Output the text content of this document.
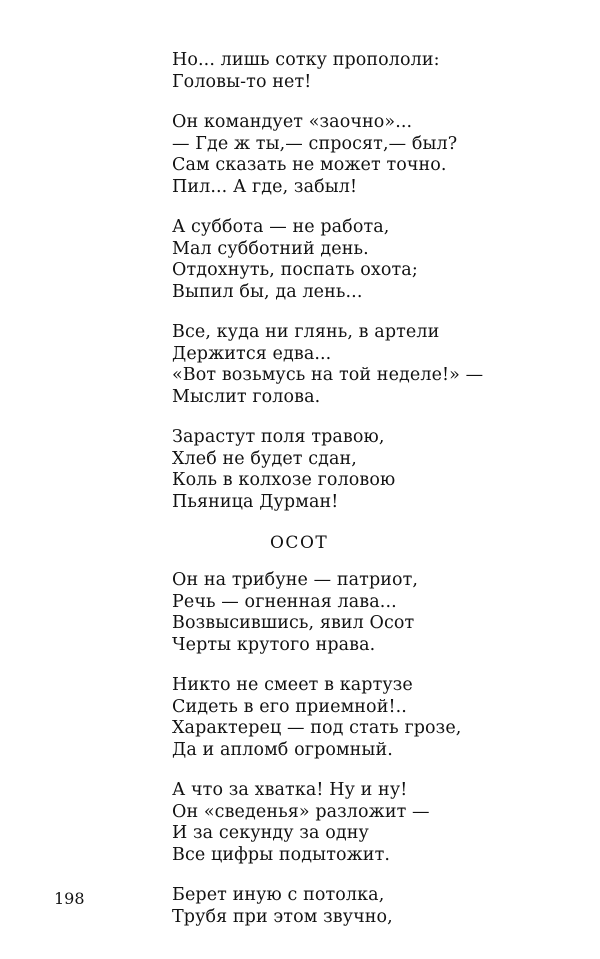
Но... лишь сотку пропололи:
Головы-то нет!
Он командует «заочно»...
— Где ж ты,— спросят,— был?
Сам сказать не может точно.
Пил... А где, забыл!
А суббота — не работа,
Мал субботний день.
Отдохнуть, поспать охота;
Выпил бы, да лень...
Все, куда ни глянь, в артели
Держится едва...
«Вот возьмусь на той неделе!» —
Мыслит голова.
Зарастут поля травою,
Хлеб не будет сдан,
Коль в колхозе головою
Пьяница Дурман!
ОСОТ
Он на трибуне — патриот,
Речь — огненная лава...
Возвысившись, явил Осот
Черты крутого нрава.
Никто не смеет в картузе
Сидеть в его приемной!..
Характерец — под стать грозе,
Да и апломб огромный.
А что за хватка! Ну и ну!
Он «сведенья» разложит —
И за секунду за одну
Все цифры подытожит.
Берет иную с потолка,
Трубя при этом звучно,
198
